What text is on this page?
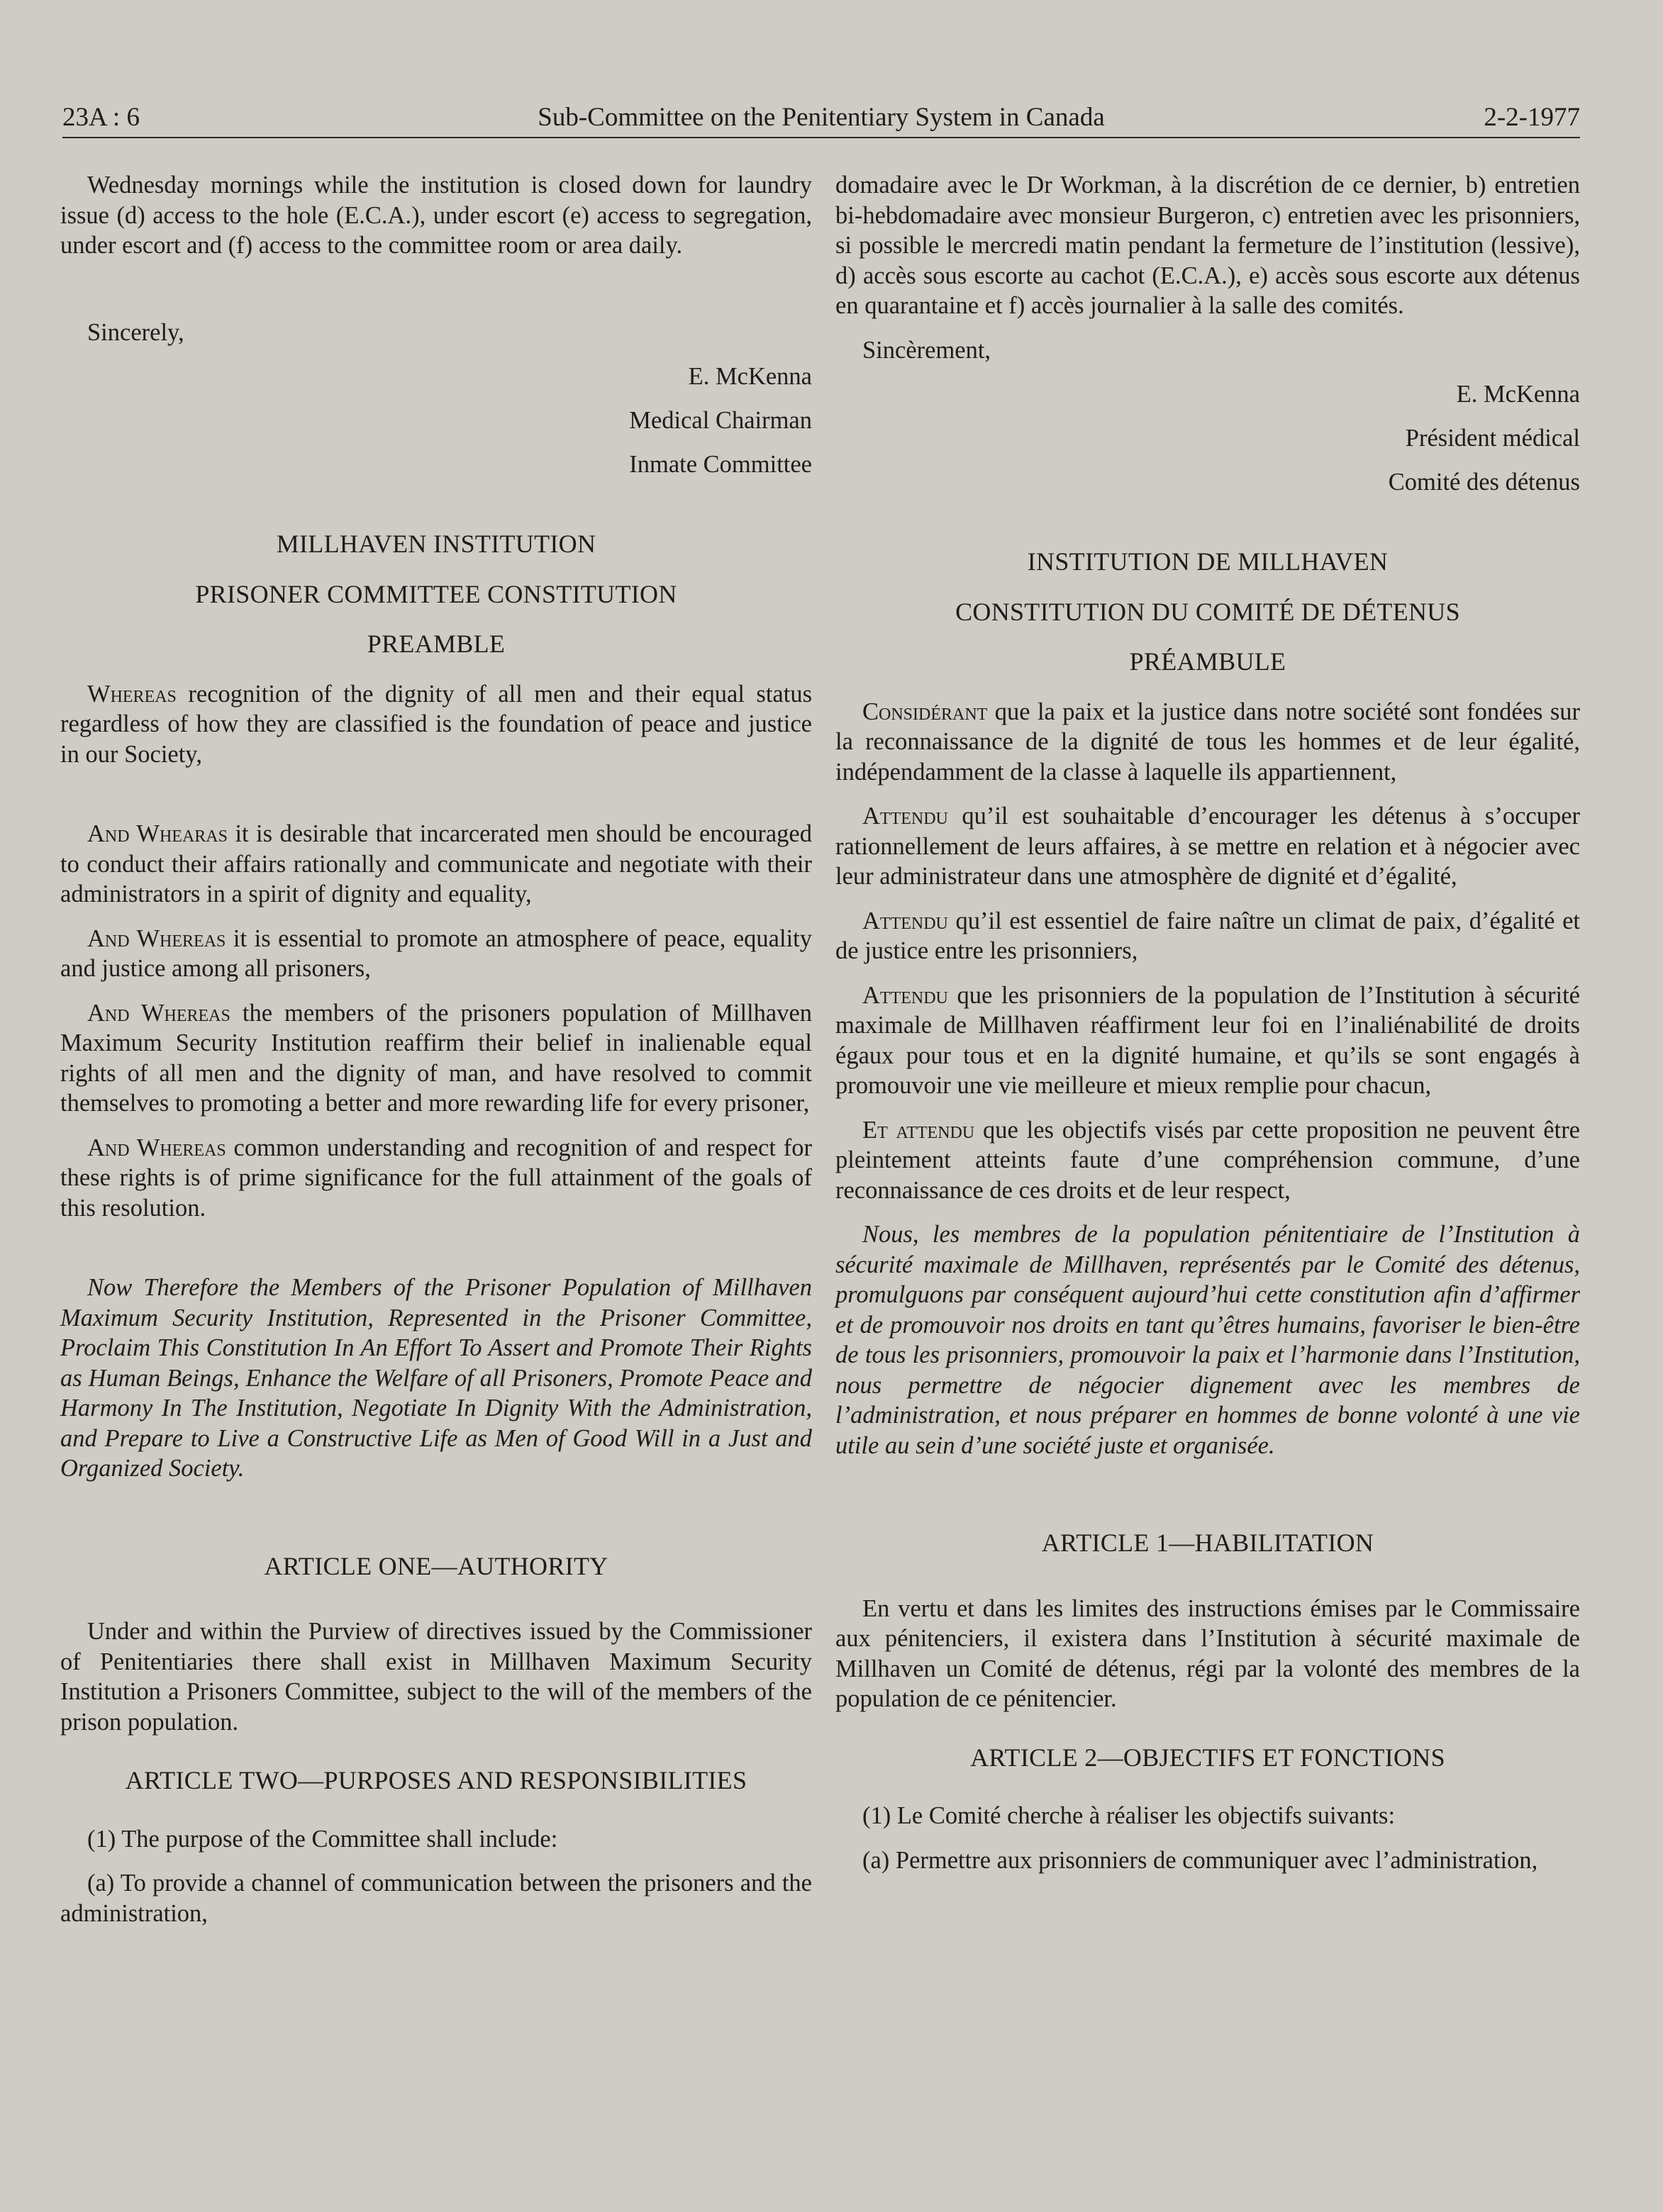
23A : 6	Sub-Committee on the Penitentiary System in Canada	2-2-1977

Wednesday mornings while the institution is closed down for laundry issue (d) access to the hole (E.C.A.), under escort (e) access to segregation, under escort and (f) access to the committee room or area daily.

Sincerely,

E. McKenna

Medical Chairman

Inmate Committee

MILLHAVEN INSTITUTION

PRISONER COMMITTEE CONSTITUTION

PREAMBLE

Whereas recognition of the dignity of all men and their equal status regardless of how they are classified is the foundation of peace and justice in our Society,

And Whearas it is desirable that incarcerated men should be encouraged to conduct their affairs rationally and communicate and negotiate with their administrators in a spirit of dignity and equality,

And Whereas it is essential to promote an atmosphere of peace, equality and justice among all prisoners,

And Whereas the members of the prisoners population of Millhaven Maximum Security Institution reaffirm their belief in inalienable equal rights of all men and the dignity of man, and have resolved to commit themselves to promoting a better and more rewarding life for every prisoner,

And Whereas common understanding and recognition of and respect for these rights is of prime significance for the full attainment of the goals of this resolution.

Now Therefore the Members of the Prisoner Population of Millhaven Maximum Security Institution, Represented in the Prisoner Committee, Proclaim This Constitution In An Effort To Assert and Promote Their Rights as Human Beings, Enhance the Welfare of all Prisoners, Promote Peace and Harmony In The Institution, Negotiate In Dignity With the Administration, and Prepare to Live a Constructive Life as Men of Good Will in a Just and Organized Society.

ARTICLE ONE—AUTHORITY

Under and within the Purview of directives issued by the Commissioner of Penitentiaries there shall exist in Millhaven Maximum Security Institution a Prisoners Committee, subject to the will of the members of the prison population.

ARTICLE TWO—PURPOSES AND RESPONSIBILITIES

(1) The purpose of the Committee shall include:

(a) To provide a channel of communication between the prisoners and the administration,

domadaire avec le Dr Workman, à la discrétion de ce dernier, b) entretien bi-hebdomadaire avec monsieur Burgeron, c) entretien avec les prisonniers, si possible le mercredi matin pendant la fermeture de l’institution (lessive), d) accès sous escorte au cachot (E.C.A.), e) accès sous escorte aux détenus en quarantaine et f) accès journalier à la salle des comités.

Sincèrement,

E. McKenna

Président médical

Comité des détenus

INSTITUTION DE MILLHAVEN

CONSTITUTION DU COMITÉ DE DÉTENUS

PRÉAMBULE

Considérant que la paix et la justice dans notre société sont fondées sur la reconnaissance de la dignité de tous les hommes et de leur égalité, indépendamment de la classe à laquelle ils appartiennent,

Attendu qu’il est souhaitable d’encourager les détenus à s’occuper rationnellement de leurs affaires, à se mettre en relation et à négocier avec leur administrateur dans une atmosphère de dignité et d’égalité,

Attendu qu’il est essentiel de faire naître un climat de paix, d’égalité et de justice entre les prisonniers,

Attendu que les prisonniers de la population de l’Institution à sécurité maximale de Millhaven réaffirment leur foi en l’inaliénabilité de droits égaux pour tous et en la dignité humaine, et qu’ils se sont engagés à promouvoir une vie meilleure et mieux remplie pour chacun,

Et attendu que les objectifs visés par cette proposition ne peuvent être pleintement atteints faute d’une compréhension commune, d’une reconnaissance de ces droits et de leur respect,

Nous, les membres de la population pénitentiaire de l’Institution à sécurité maximale de Millhaven, représentés par le Comité des détenus, promulguons par conséquent aujourd’hui cette constitution afin d’affirmer et de promouvoir nos droits en tant qu’êtres humains, favoriser le bien-être de tous les prisonniers, promouvoir la paix et l’harmonie dans l’Institution, nous permettre de négocier dignement avec les membres de l’administration, et nous préparer en hommes de bonne volonté à une vie utile au sein d’une société juste et organisée.

ARTICLE 1—HABILITATION

En vertu et dans les limites des instructions émises par le Commissaire aux pénitenciers, il existera dans l’Institution à sécurité maximale de Millhaven un Comité de détenus, régi par la volonté des membres de la population de ce pénitencier.

ARTICLE 2—OBJECTIFS ET FONCTIONS

(1) Le Comité cherche à réaliser les objectifs suivants:

(a) Permettre aux prisonniers de communiquer avec l’administration,
